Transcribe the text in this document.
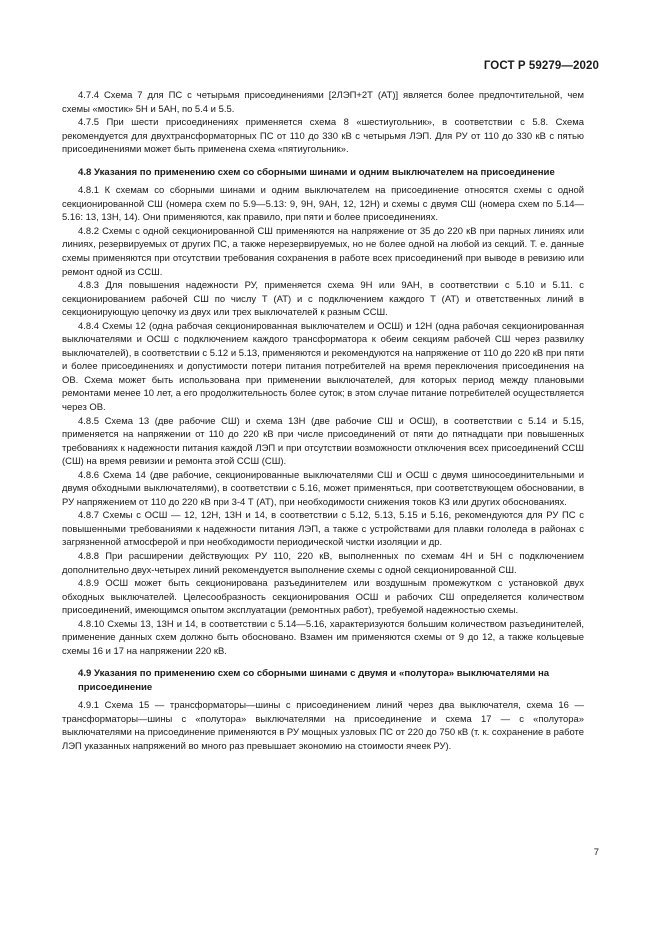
ГОСТ Р 59279—2020

4.7.4 Схема 7 для ПС с четырьмя присоединениями [2ЛЭП+2Т (АТ)] является более предпочтительной, чем схемы «мостик» 5Н и 5АН, по 5.4 и 5.5.

4.7.5 При шести присоединениях применяется схема 8 «шестиугольник», в соответствии с 5.8. Схема рекомендуется для двухтрансформаторных ПС от 110 до 330 кВ с четырьмя ЛЭП. Для РУ от 110 до 330 кВ с пятью присоединениями может быть применена схема «пятиугольник».

4.8 Указания по применению схем со сборными шинами и одним выключателем на присоединение

4.8.1 К схемам со сборными шинами и одним выключателем на присоединение относятся схемы с одной секционированной СШ (номера схем по 5.9—5.13: 9, 9Н, 9АН, 12, 12Н) и схемы с двумя СШ (номера схем по 5.14—5.16: 13, 13Н, 14). Они применяются, как правило, при пяти и более присоединениях.

4.8.2 Схемы с одной секционированной СШ применяются на напряжение от 35 до 220 кВ при парных линиях или линиях, резервируемых от других ПС, а также нерезервируемых, но не более одной на любой из секций. Т. е. данные схемы применяются при отсутствии требования сохранения в работе всех присоединений при выводе в ревизию или ремонт одной из ССШ.

4.8.3 Для повышения надежности РУ, применяется схема 9Н или 9АН, в соответствии с 5.10 и 5.11. с секционированием рабочей СШ по числу Т (АТ) и с подключением каждого Т (АТ) и ответственных линий в секционирующую цепочку из двух или трех выключателей к разным ССШ.

4.8.4 Схемы 12 (одна рабочая секционированная выключателем и ОСШ) и 12Н (одна рабочая секционированная выключателями и ОСШ с подключением каждого трансформатора к обеим секциям рабочей СШ через развилку выключателей), в соответствии с 5.12 и 5.13, применяются и рекомендуются на напряжение от 110 до 220 кВ при пяти и более присоединениях и допустимости потери питания потребителей на время переключения присоединения на ОВ. Схема может быть использована при применении выключателей, для которых период между плановыми ремонтами менее 10 лет, а его продолжительность более суток; в этом случае питание потребителей осуществляется через ОВ.

4.8.5 Схема 13 (две рабочие СШ) и схема 13Н (две рабочие СШ и ОСШ), в соответствии с 5.14 и 5.15, применяется на напряжении от 110 до 220 кВ при числе присоединений от пяти до пятнадцати при повышенных требованиях к надежности питания каждой ЛЭП и при отсутствии возможности отключения всех присоединений ССШ (СШ) на время ревизии и ремонта этой ССШ (СШ).

4.8.6 Схема 14 (две рабочие, секционированные выключателями СШ и ОСШ с двумя шиносоединительными и двумя обходными выключателями), в соответствии с 5.16, может применяться, при соответствующем обосновании, в РУ напряжением от 110 до 220 кВ при 3-4 Т (АТ), при необходимости снижения токов КЗ или других обоснованиях.

4.8.7 Схемы с ОСШ — 12, 12Н, 13Н и 14, в соответствии с 5.12, 5.13, 5.15 и 5.16, рекомендуются для РУ ПС с повышенными требованиями к надежности питания ЛЭП, а также с устройствами для плавки гололеда в районах с загрязненной атмосферой и при необходимости периодической чистки изоляции и др.

4.8.8 При расширении действующих РУ 110, 220 кВ, выполненных по схемам 4Н и 5Н с подключением дополнительно двух-четырех линий рекомендуется выполнение схемы с одной секционированной СШ.

4.8.9 ОСШ может быть секционирована разъединителем или воздушным промежутком с установкой двух обходных выключателей. Целесообразность секционирования ОСШ и рабочих СШ определяется количеством присоединений, имеющимся опытом эксплуатации (ремонтных работ), требуемой надежностью схемы.

4.8.10 Схемы 13, 13Н и 14, в соответствии с 5.14—5.16, характеризуются большим количеством разъединителей, применение данных схем должно быть обосновано. Взамен им применяются схемы от 9 до 12, а также кольцевые схемы 16 и 17 на напряжении 220 кВ.

4.9 Указания по применению схем со сборными шинами с двумя и «полутора» выключателями на присоединение

4.9.1 Схема 15 — трансформаторы—шины с присоединением линий через два выключателя, схема 16 — трансформаторы—шины с «полутора» выключателями на присоединение и схема 17 — с «полутора» выключателями на присоединение применяются в РУ мощных узловых ПС от 220 до 750 кВ (т. к. сохранение в работе ЛЭП указанных напряжений во много раз превышает экономию на стоимости ячеек РУ).

7
